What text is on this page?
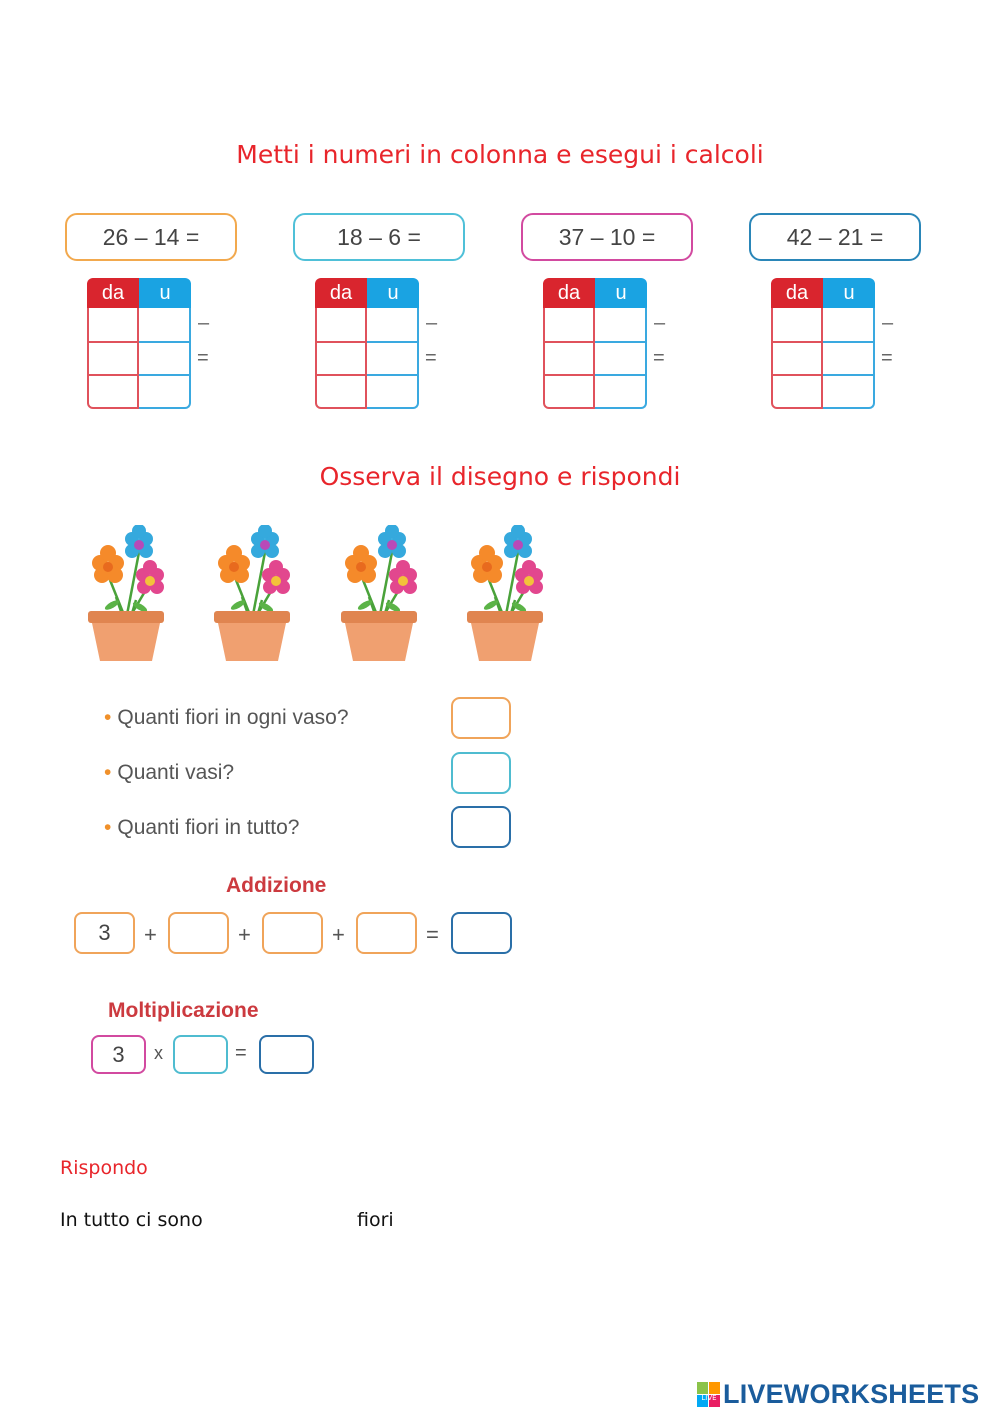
Metti i numeri in colonna e esegui i calcoli
26 – 14 =	18 – 6 =	37 – 10 =	42 – 21 =
da	u
–
=
da	u
–
=
da	u
–
=
da	u
–
=
Osserva il disegno e rispondi
• Quanti fiori in ogni vaso?
• Quanti vasi?
• Quanti fiori in tutto?
Addizione
3	+	+	+	=
Moltiplicazione
3	x	=
Rispondo
In tutto ci sono	fiori
LIVE LIVEWORKSHEETS
